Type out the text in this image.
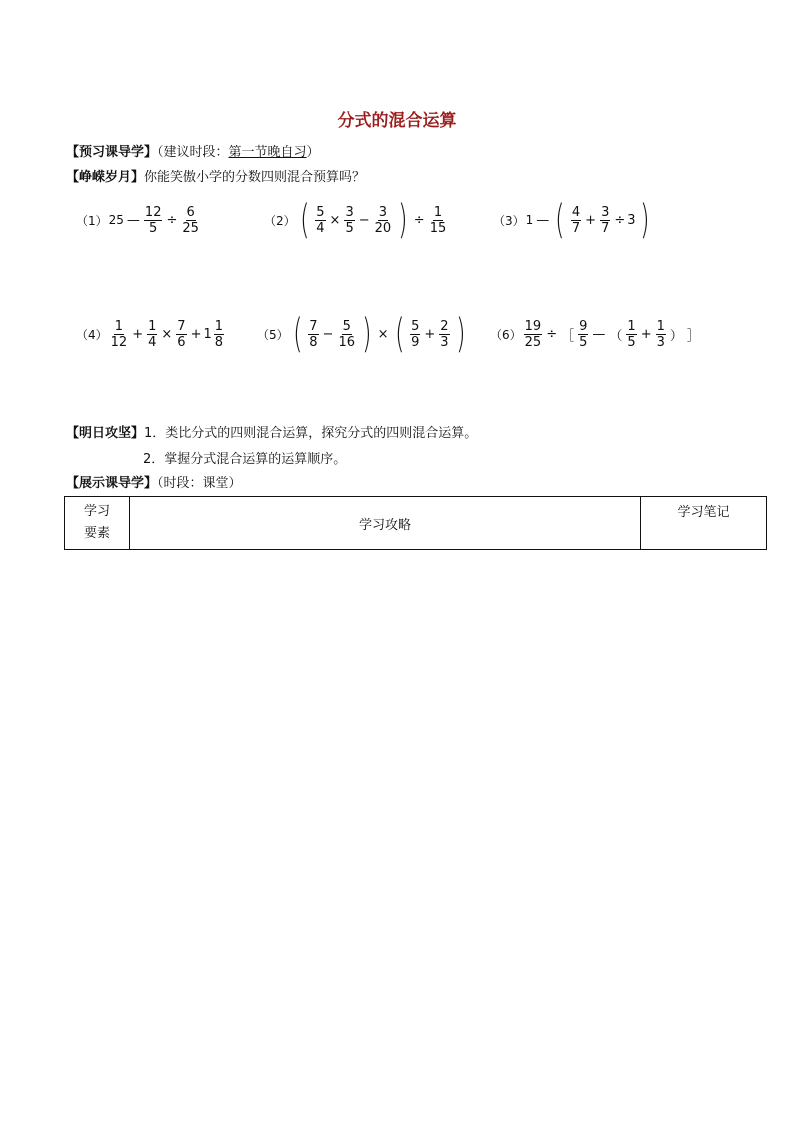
分式的混合运算
【预习课导学】（建议时段：第一节晚自习）
【峥嵘岁月】你能笑傲小学的分数四则混合预算吗？
（1） 25 — $\frac{12}{5} \div \frac{6}{25}$	（2） ( $\frac{5}{4} \times \frac{3}{5} - \frac{3}{20}$ ) ÷ $\frac{1}{15}$	（3） 1 — ( $\frac{4}{7} + \frac{3}{7} \div 3$ )
$(4) \frac{1}{12} + \frac{1}{4} \times \frac{7}{6} + 1 \frac{1}{8}$	（5） ( $\frac{7}{8} - \frac{5}{16}$ ) × ( $\frac{5}{9} + \frac{2}{3}$ ) $(6) \frac{19}{25}$ ÷ ［ $\frac{9}{5}$ — （ $\frac{1}{5} + \frac{1}{3}$ ） ］
【明日攻坚】1．类比分式的四则混合运算，探究分式的四则混合运算。
2．掌握分式混合运算的运算顺序。
【展示课导学】（时段：课堂）
学习
要素
	学习攻略	学习笔记
